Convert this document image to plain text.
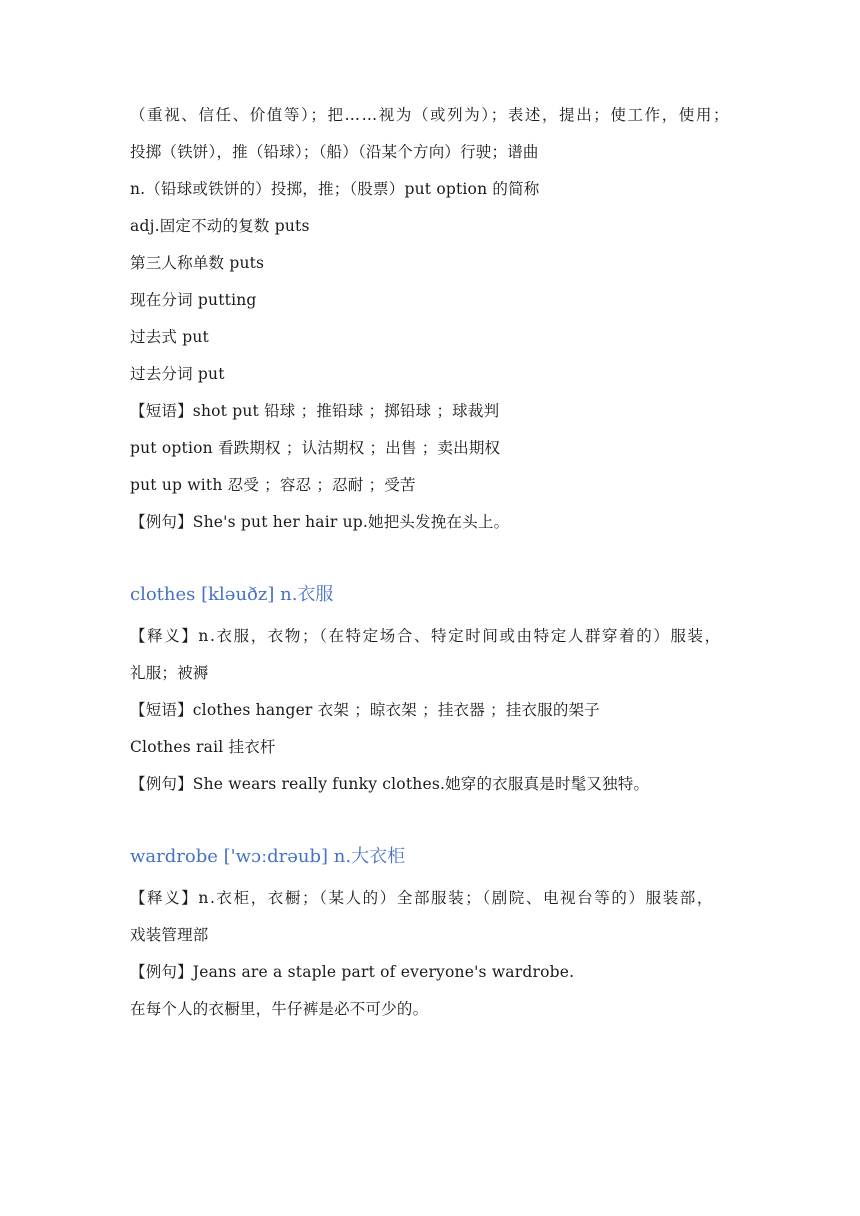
（重视、信任、价值等）；把……视为（或列为）；表述，提出；使工作，使用；
投掷（铁饼），推（铅球）；（船）（沿某个方向）行驶；谱曲
n.（铅球或铁饼的）投掷，推；（股票）put option 的简称
adj.固定不动的复数 puts
第三人称单数 puts
现在分词 putting
过去式 put
过去分词 put
【短语】shot put 铅球 ；推铅球 ；掷铅球 ；球裁判
put option 看跌期权 ；认沽期权 ；出售 ；卖出期权
put up with 忍受 ；容忍 ；忍耐 ；受苦
【例句】She's put her hair up.她把头发挽在头上。
clothes [kləuðz] n.衣服
【释义】n.衣服，衣物；（在特定场合、特定时间或由特定人群穿着的）服装，
礼服；被褥
【短语】clothes hanger 衣架 ；晾衣架 ；挂衣器 ；挂衣服的架子
Clothes rail 挂衣杆
【例句】She wears really funky clothes.她穿的衣服真是时髦又独特。
wardrobe ['wɔːdrəub] n.大衣柜
【释义】n.衣柜，衣橱；（某人的）全部服装；（剧院、电视台等的）服装部，
戏装管理部
【例句】Jeans are a staple part of everyone's wardrobe.
在每个人的衣橱里，牛仔裤是必不可少的。
